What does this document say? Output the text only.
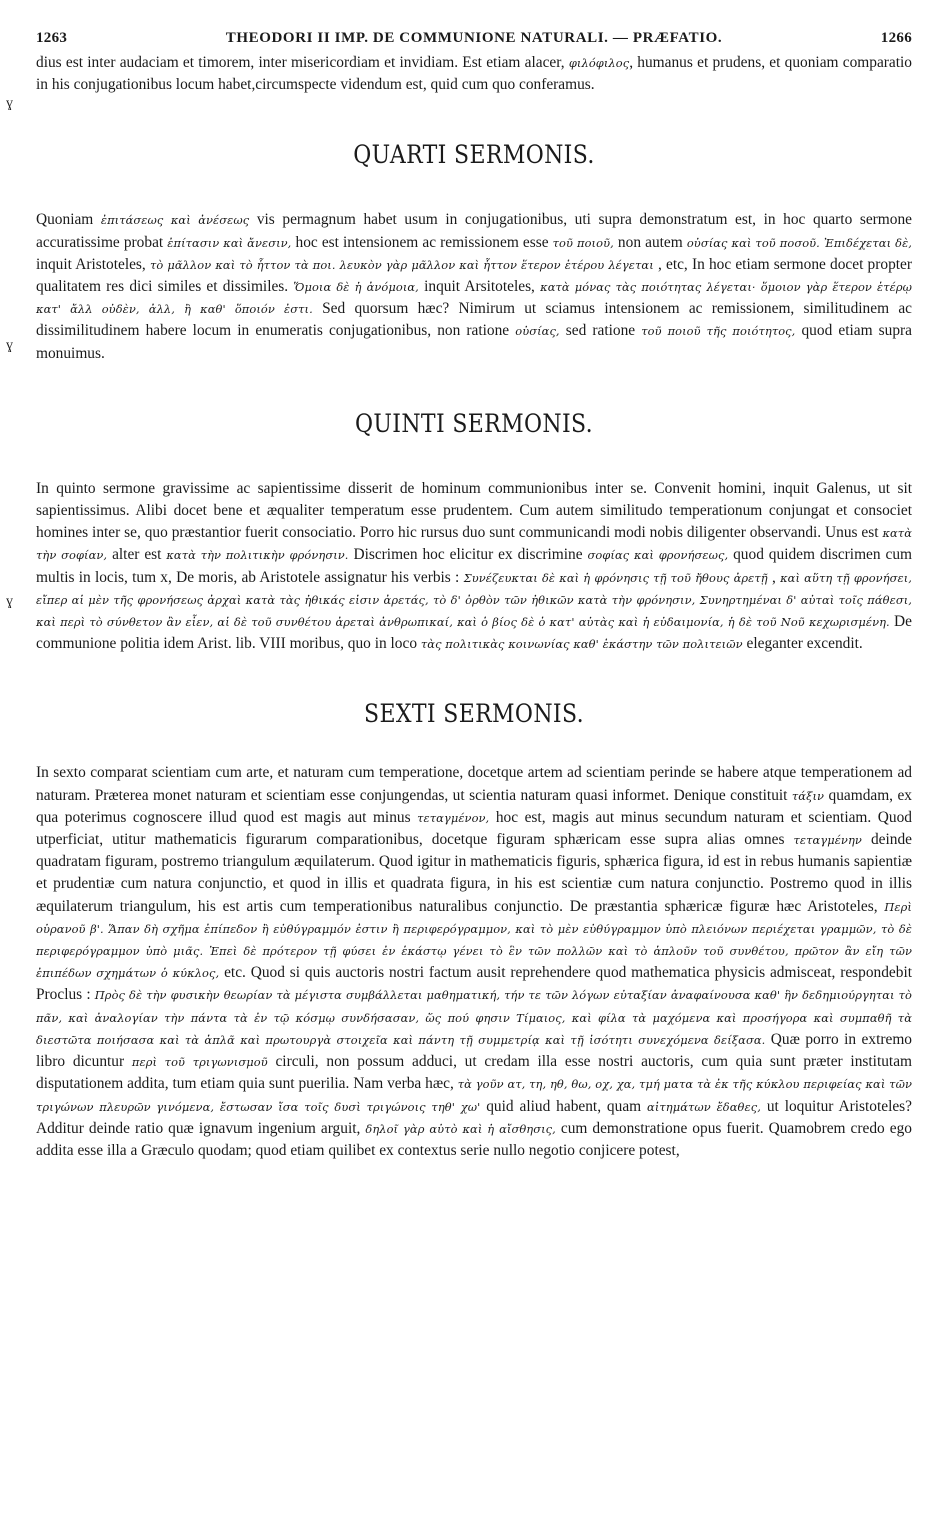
1263	THEODORI II IMP. DE COMMUNIONE NATURALI. — PRÆFATIO.	1266

dius est inter audaciam et timorem, inter misericordiam et invidiam. Est etiam alacer, φιλόφιλος, humanus et prudens, et quoniam comparatio in his conjugationibus locum habet,circumspecte videndum est, quid cum quo conferamus.

QUARTI SERMONIS.

Quoniam ἐπιτάσεως καὶ ἀνέσεως vis permagnum habet usum in conjugationibus, uti supra demonstratum est, in hoc quarto sermone accuratissime probat ἐπίτασιν καὶ ἄνεσιν, hoc est intensionem ac remissionem esse τοῦ ποιοῦ, non autem οὐσίας καὶ τοῦ ποσοῦ. Ἐπιδέχεται δὲ, inquit Aristoteles, τὸ μᾶλλον καὶ τὸ ἧττον τὰ ποι. λευκὸν γὰρ μᾶλλον καὶ ἧττον ἕτερον ἑτέρου λέγεται , etc, In hoc etiam sermone docet propter qualitatem res dici similes et dissimiles. Ὅμοια δὲ ἡ ἀνόμοια, inquit Arsitoteles, κατὰ μόνας τὰς ποιότητας λέγεται· ὅμοιον γὰρ ἕτερον ἑτέρῳ κατ' ἄλλ οὐδὲν, ἀλλ, ἢ καθ' ὅποιόν ἐστι. Sed quorsum hæc? Nimirum ut sciamus intensionem ac remissionem, similitudinem ac dissimilitudinem habere locum in enumeratis conjugationibus, non ratione οὐσίας, sed ratione τοῦ ποιοῦ τῆς ποιότητος, quod etiam supra monuimus.

QUINTI SERMONIS.

In quinto sermone gravissime ac sapientissime disserit de hominum communionibus inter se. Convenit homini, inquit Galenus, ut sit sapientissimus. Alibi docet bene et æqualiter temperatum esse prudentem. Cum autem similitudo temperationum conjungat et consociet homines inter se, quo præstantior fuerit consociatio. Porro hic rursus duo sunt communicandi modi nobis diligenter observandi. Unus est κατὰ τὴν σοφίαν, alter est κατὰ τὴν πολιτικὴν φρόνησιν. Discrimen hoc elicitur ex discrimine σοφίας καὶ φρονήσεως, quod quidem discrimen cum multis in locis, tum x, De moris, ab Aristotele assignatur his verbis : Συνέζευκται δὲ καὶ ἡ φρόνησις τῇ τοῦ ἤθους ἀρετῇ , καὶ αὕτη τῇ φρονήσει, εἴπερ αἱ μὲν τῆς φρονήσεως ἀρχαὶ κατὰ τὰς ἠθικάς εἰσιν ἀρετάς, τὸ δ' ὀρθὸν τῶν ἠθικῶν κατὰ τὴν φρόνησιν, Συνηρτημέναι δ' αὐταὶ τοῖς πάθεσι, καὶ περὶ τὸ σύνθετον ἂν εἶεν, αἱ δὲ τοῦ συνθέτου ἀρεταὶ ἀνθρωπικαί, καὶ ὁ βίος δὲ ὁ κατ' αὐτὰς καὶ ἡ εὐδαιμονία, ἡ δὲ τοῦ Νοῦ κεχωρισμένη. De communione politia idem Arist. lib. VIII moribus, quo in loco τὰς πολιτικὰς κοινωνίας καθ' ἑκάστην τῶν πολιτειῶν eleganter excendit.

SEXTI SERMONIS.

In sexto comparat scientiam cum arte, et naturam cum temperatione, docetque artem ad scientiam perinde se habere atque temperationem ad naturam. Præterea monet naturam et scientiam esse conjungendas, ut scientia naturam quasi informet. Denique constituit τάξιν quamdam, ex qua poterimus cognoscere illud quod est magis aut minus τεταγμένον, hoc est, magis aut minus secundum naturam et scientiam. Quod utperficiat, utitur mathematicis figurarum comparationibus, docetque figuram sphæricam esse supra alias omnes τεταγμένην deinde quadratam figuram, postremo triangulum æquilaterum. Quod igitur in mathematicis figuris, sphærica figura, id est in rebus humanis sapientiæ et prudentiæ cum natura conjunctio, et quod in illis et quadrata figura, in his est scientiæ cum natura conjunctio. Postremo quod in illis æquilaterum triangulum, his est artis cum temperationibus naturalibus conjunctio. De præstantia sphæricæ figuræ hæc Aristoteles, Περὶ οὐρανοῦ β'. Ἅπαν δὴ σχῆμα ἐπίπεδον ἢ εὐθύγραμμόν ἐστιν ἢ περιφερόγραμμον, καὶ τὸ μὲν εὐθύγραμμον ὑπὸ πλειόνων περιέχεται γραμμῶν, τὸ δὲ περιφερόγραμμον ὑπὸ μιᾶς. Ἐπεὶ δὲ πρότερον τῇ φύσει ἐν ἑκάστῳ γένει τὸ ἓν τῶν πολλῶν καὶ τὸ ἁπλοῦν τοῦ συνθέτου, πρῶτον ἂν εἴη τῶν ἐπιπέδων σχημάτων ὁ κύκλος, etc. Quod si quis auctoris nostri factum ausit reprehendere quod mathematica physicis admisceat, respondebit Proclus : Πρὸς δὲ τὴν φυσικὴν θεωρίαν τὰ μέγιστα συμβάλλεται μαθηματική, τήν τε τῶν λόγων εὐταξίαν ἀναφαίνουσα καθ' ἣν δεδημιούργηται τὸ πᾶν, καὶ ἀναλογίαν τὴν πάντα τὰ ἐν τῷ κόσμῳ συνδήσασαν, ὥς πού φησιν Τίμαιος, καὶ φίλα τὰ μαχόμενα καὶ προσήγορα καὶ συμπαθῆ τὰ διεστῶτα ποιήσασα καὶ τὰ ἁπλᾶ καὶ πρωτουργὰ στοιχεῖα καὶ πάντη τῇ συμμετρίᾳ καὶ τῇ ἰσότητι συνεχόμενα δείξασα. Quæ porro in extremo libro dicuntur περὶ τοῦ τριγωνισμοῦ circuli, non possum adduci, ut credam illa esse nostri auctoris, cum quia sunt præter institutam disputationem addita, tum etiam quia sunt puerilia. Nam verba hæc, τὰ γοῦν ατ, τη, ηθ, θω, οχ, χα, τμή ματα τὰ ἐκ τῆς κύκλου περιφείας καὶ τῶν τριγώνων πλευρῶν γινόμενα, ἔστωσαν ἴσα τοῖς δυσὶ τριγώνοις τηθ' χω' quid aliud habent, quam αἰτημάτων ἔδαθες, ut loquitur Aristoteles? Additur deinde ratio quæ ignavum ingenium arguit, δηλοῖ γὰρ αὐτὸ καὶ ἡ αἴσθησις, cum demonstratione opus fuerit. Quamobrem credo ego addita esse illa a Græculo quodam; quod etiam quilibet ex contextus serie nullo negotio conjicere potest,

ɣ
ɣ
ɣ
